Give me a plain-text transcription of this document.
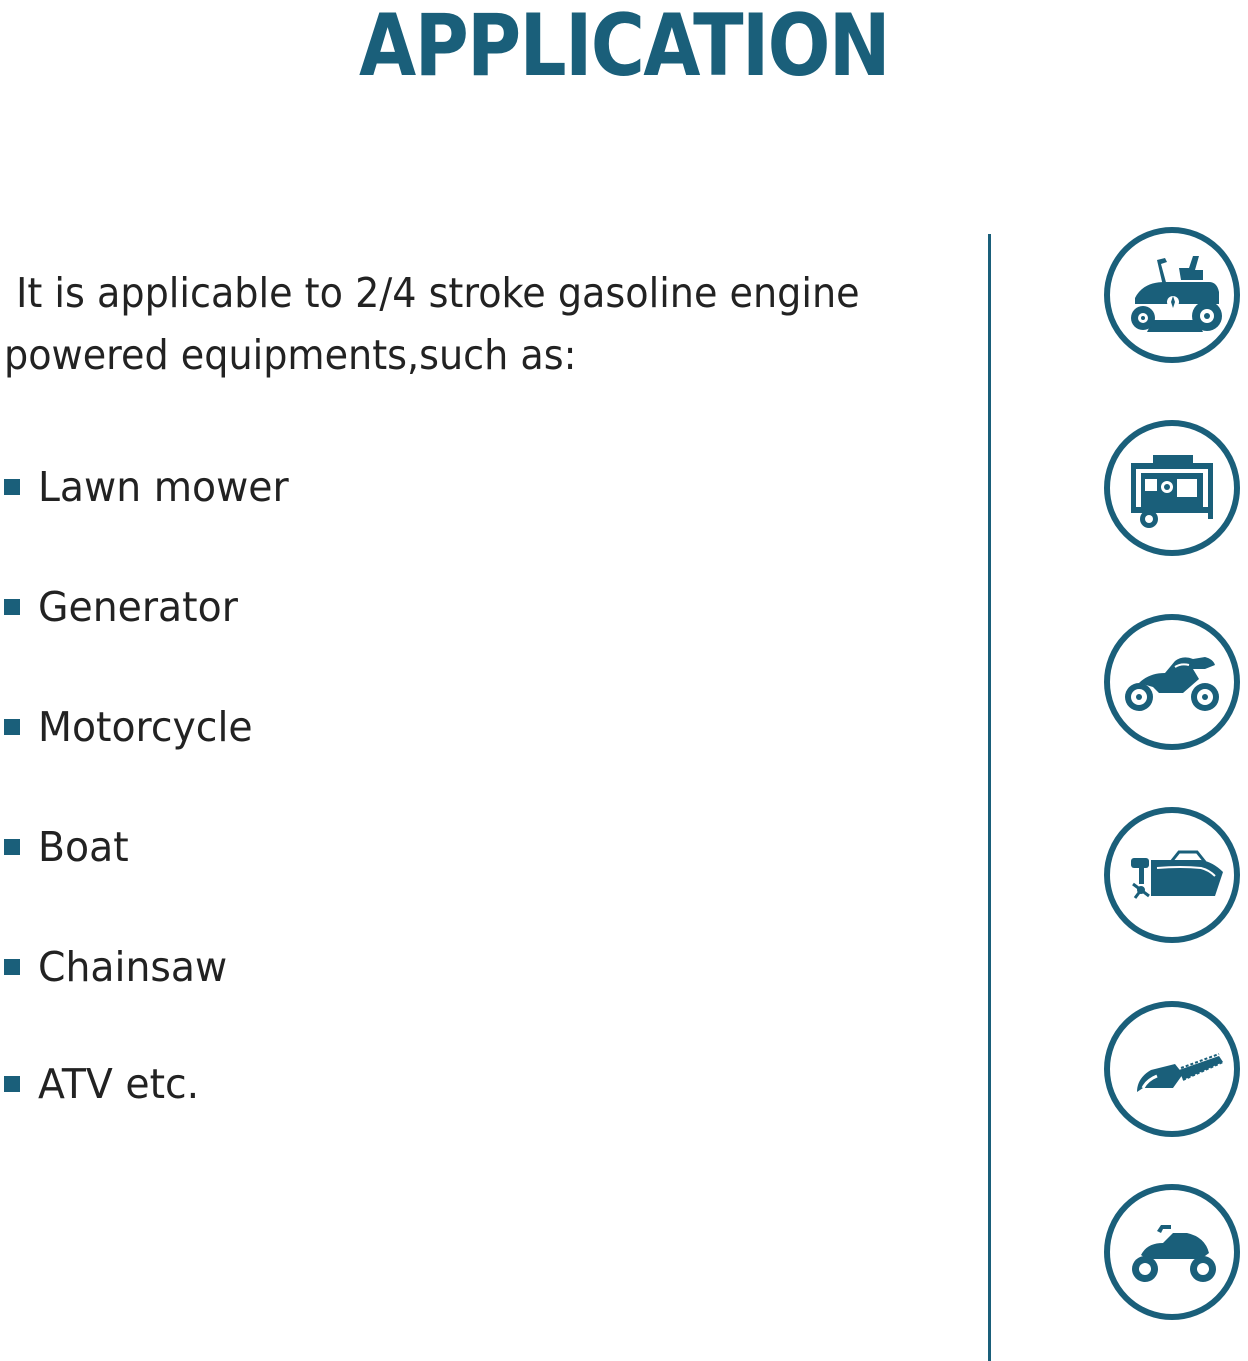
APPLICATION
It is applicable to 2/4 stroke gasoline engine
powered equipments,such as:
Lawn mower
Generator
Motorcycle
Boat
Chainsaw
ATV etc.
